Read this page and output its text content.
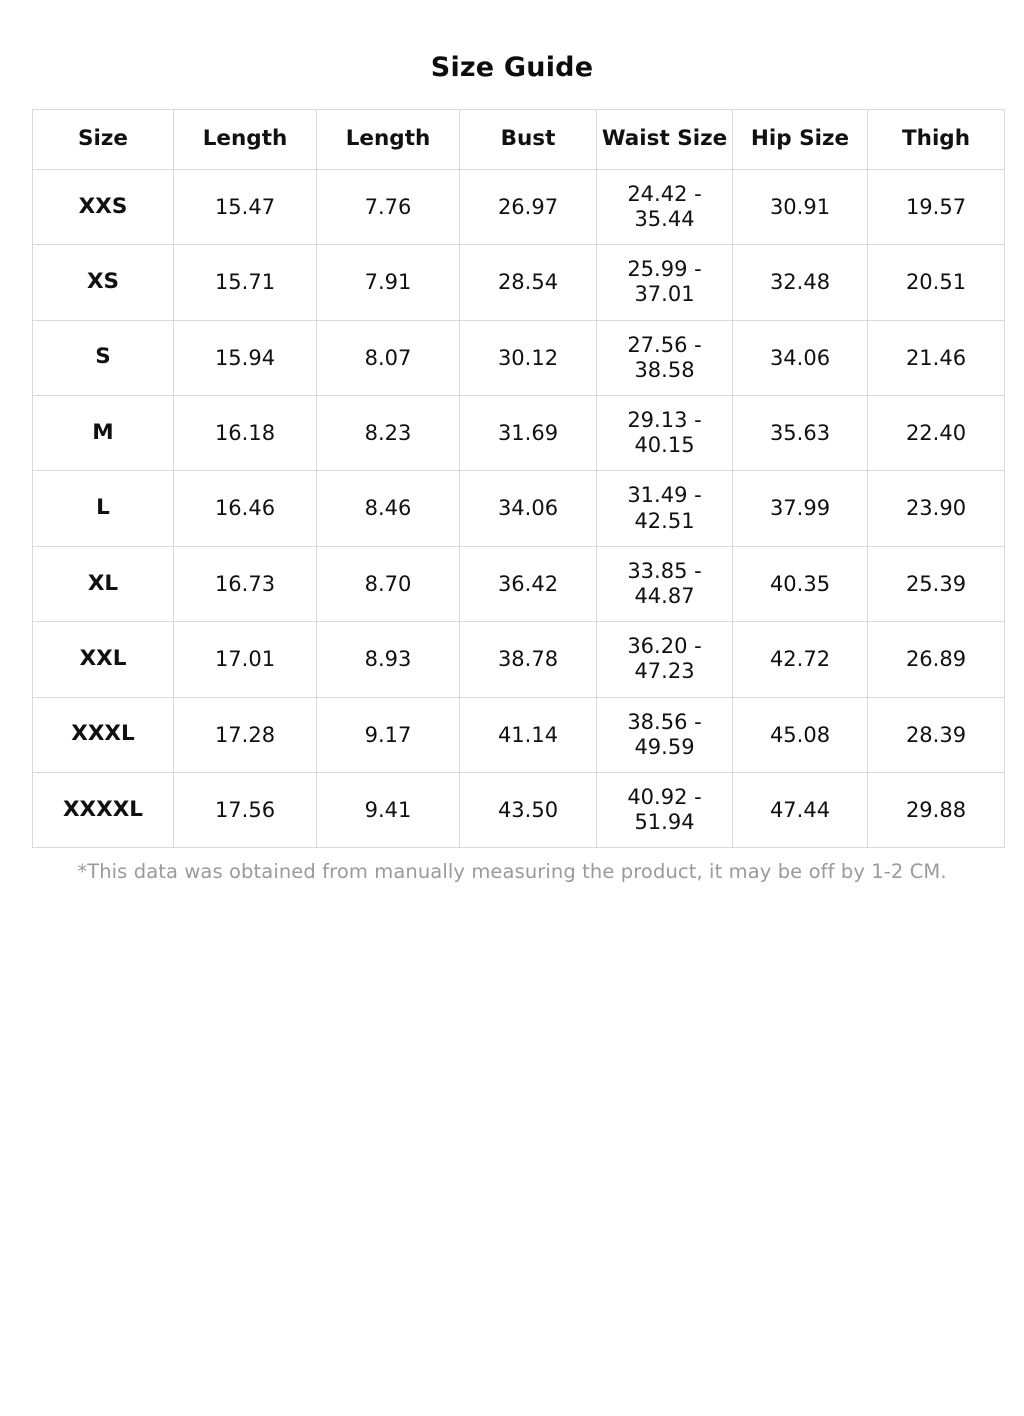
Size Guide
Size	Length	Length	Bust	Waist Size	Hip Size	Thigh
XXS	15.47	7.76	26.97	24.42 - 35.44	30.91	19.57
XS	15.71	7.91	28.54	25.99 - 37.01	32.48	20.51
S	15.94	8.07	30.12	27.56 - 38.58	34.06	21.46
M	16.18	8.23	31.69	29.13 - 40.15	35.63	22.40
L	16.46	8.46	34.06	31.49 - 42.51	37.99	23.90
XL	16.73	8.70	36.42	33.85 - 44.87	40.35	25.39
XXL	17.01	8.93	38.78	36.20 - 47.23	42.72	26.89
XXXL	17.28	9.17	41.14	38.56 - 49.59	45.08	28.39
XXXXL	17.56	9.41	43.50	40.92 - 51.94	47.44	29.88
*This data was obtained from manually measuring the product, it may be off by 1-2 CM.
